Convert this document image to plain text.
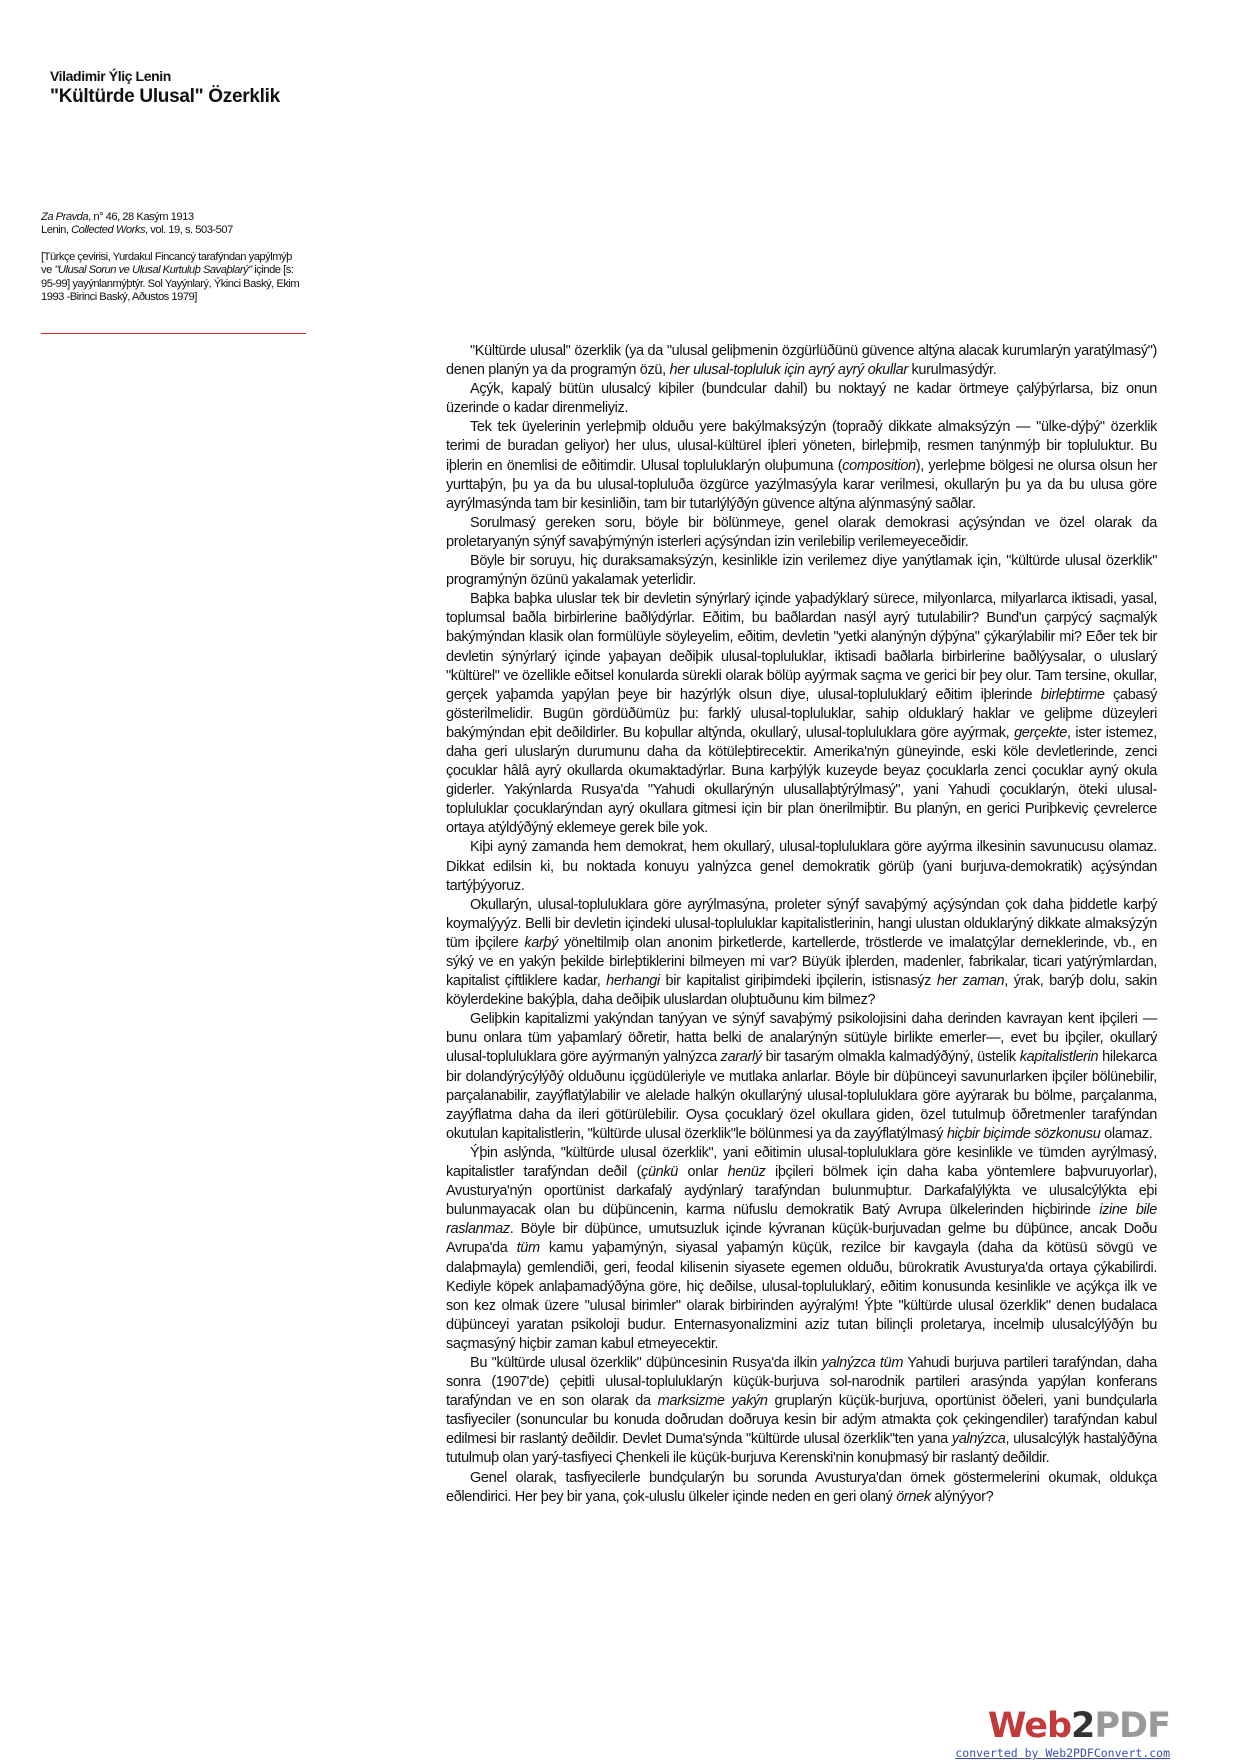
Viladimir Ýliç Lenin
"Kültürde Ulusal" Özerklik

Za Pravda, n° 46, 28 Kasým 1913

Lenin, Collected Works, vol. 19, s. 503-507

[Türkçe çevirisi, Yurdakul Fincancý tarafýndan yapýlmýþ ve "Ulusal Sorun ve Ulusal Kurtuluþ Savaþlarý" içinde [s: 95-99] yayýnlanmýþtýr. Sol Yayýnlarý, Ýkinci Baský, Ekim 1993 -Birinci Baský, Aðustos 1979]

"Kültürde ulusal" özerklik (ya da "ulusal geliþmenin özgürlüðünü güvence altýna alacak kurumlarýn yaratýlmasý") denen planýn ya da programýn özü, her ulusal-topluluk için ayrý ayrý okullar kurulmasýdýr.

Açýk, kapalý bütün ulusalcý kiþiler (bundcular dahil) bu noktayý ne kadar örtmeye çalýþýrlarsa, biz onun üzerinde o kadar direnmeliyiz.

Tek tek üyelerinin yerleþmiþ olduðu yere bakýlmaksýzýn (topraðý dikkate almaksýzýn — "ülke-dýþý" özerklik terimi de buradan geliyor) her ulus, ulusal-kültürel iþleri yöneten, birleþmiþ, resmen tanýnmýþ bir topluluktur. Bu iþlerin en önemlisi de eðitimdir. Ulusal topluluklarýn oluþumuna (composition), yerleþme bölgesi ne olursa olsun her yurttaþýn, þu ya da bu ulusal-topluluða özgürce yazýlmasýyla karar verilmesi, okullarýn þu ya da bu ulusa göre ayrýlmasýnda tam bir kesinliðin, tam bir tutarlýlýðýn güvence altýna alýnmasýný saðlar.

Sorulmasý gereken soru, böyle bir bölünmeye, genel olarak demokrasi açýsýndan ve özel olarak da proletaryanýn sýnýf savaþýmýnýn isterleri açýsýndan izin verilebilip verilemeyeceðidir.

Böyle bir soruyu, hiç duraksamaksýzýn, kesinlikle izin verilemez diye yanýtlamak için, "kültürde ulusal özerklik" programýnýn özünü yakalamak yeterlidir.

Baþka baþka uluslar tek bir devletin sýnýrlarý içinde yaþadýklarý sürece, milyonlarca, milyarlarca iktisadi, yasal, toplumsal baðla birbirlerine baðlýdýrlar. Eðitim, bu baðlardan nasýl ayrý tutulabilir? Bund'un çarpýcý saçmalýk bakýmýndan klasik olan formülüyle söyleyelim, eðitim, devletin "yetki alanýnýn dýþýna" çýkarýlabilir mi? Eðer tek bir devletin sýnýrlarý içinde yaþayan deðiþik ulusal-topluluklar, iktisadi baðlarla birbirlerine baðlýysalar, o uluslarý "kültürel" ve özellikle eðitsel konularda sürekli olarak bölüp ayýrmak saçma ve gerici bir þey olur. Tam tersine, okullar, gerçek yaþamda yapýlan þeye bir hazýrlýk olsun diye, ulusal-topluluklarý eðitim iþlerinde birleþtirme çabasý gösterilmelidir. Bugün gördüðümüz þu: farklý ulusal-topluluklar, sahip olduklarý haklar ve geliþme düzeyleri bakýmýndan eþit deðildirler. Bu koþullar altýnda, okullarý, ulusal-topluluklara göre ayýrmak, gerçekte, ister istemez, daha geri uluslarýn durumunu daha da kötüleþtirecektir. Amerika'nýn güneyinde, eski köle devletlerinde, zenci çocuklar hâlâ ayrý okullarda okumaktadýrlar. Buna karþýlýk kuzeyde beyaz çocuklarla zenci çocuklar ayný okula giderler. Yakýnlarda Rusya'da "Yahudi okullarýnýn ulusallaþtýrýlmasý", yani Yahudi çocuklarýn, öteki ulusal-topluluklar çocuklarýndan ayrý okullara gitmesi için bir plan önerilmiþtir. Bu planýn, en gerici Puriþkeviç çevrelerce ortaya atýldýðýný eklemeye gerek bile yok.

Kiþi ayný zamanda hem demokrat, hem okullarý, ulusal-topluluklara göre ayýrma ilkesinin savunucusu olamaz. Dikkat edilsin ki, bu noktada konuyu yalnýzca genel demokratik görüþ (yani burjuva-demokratik) açýsýndan tartýþýyoruz.

Okullarýn, ulusal-topluluklara göre ayrýlmasýna, proleter sýnýf savaþýmý açýsýndan çok daha þiddetle karþý koymalýyýz. Belli bir devletin içindeki ulusal-topluluklar kapitalistlerinin, hangi ulustan olduklarýný dikkate almaksýzýn tüm iþçilere karþý yöneltilmiþ olan anonim þirketlerde, kartellerde, tröstlerde ve imalatçýlar derneklerinde, vb., en sýký ve en yakýn þekilde birleþtiklerini bilmeyen mi var? Büyük iþlerden, madenler, fabrikalar, ticari yatýrýmlardan, kapitalist çiftliklere kadar, herhangi bir kapitalist giriþimdeki iþçilerin, istisnasýz her zaman, ýrak, barýþ dolu, sakin köylerdekine bakýþla, daha deðiþik uluslardan oluþtuðunu kim bilmez?

Geliþkin kapitalizmi yakýndan tanýyan ve sýnýf savaþýmý psikolojisini daha derinden kavrayan kent iþçileri —bunu onlara tüm yaþamlarý öðretir, hatta belki de analarýnýn sütüyle birlikte emerler—, evet bu iþçiler, okullarý ulusal-topluluklara göre ayýrmanýn yalnýzca zararlý bir tasarým olmakla kalmadýðýný, üstelik kapitalistlerin hilekarca bir dolandýrýcýlýðý olduðunu içgüdüleriyle ve mutlaka anlarlar. Böyle bir düþünceyi savunurlarken iþçiler bölünebilir, parçalanabilir, zayýflatýlabilir ve alelade halkýn okullarýný ulusal-topluluklara göre ayýrarak bu bölme, parçalanma, zayýflatma daha da ileri götürülebilir. Oysa çocuklarý özel okullara giden, özel tutulmuþ öðretmenler tarafýndan okutulan kapitalistlerin, "kültürde ulusal özerklik"le bölünmesi ya da zayýflatýlmasý hiçbir biçimde sözkonusu olamaz.

Ýþin aslýnda, "kültürde ulusal özerklik", yani eðitimin ulusal-topluluklara göre kesinlikle ve tümden ayrýlmasý, kapitalistler tarafýndan deðil (çünkü onlar henüz iþçileri bölmek için daha kaba yöntemlere baþvuruyorlar), Avusturya'nýn oportünist darkafalý aydýnlarý tarafýndan bulunmuþtur. Darkafalýlýkta ve ulusalcýlýkta eþi bulunmayacak olan bu düþüncenin, karma nüfuslu demokratik Batý Avrupa ülkelerinden hiçbirinde izine bile raslanmaz. Böyle bir düþünce, umutsuzluk içinde kývranan küçük-burjuvadan gelme bu düþünce, ancak Doðu Avrupa'da tüm kamu yaþamýnýn, siyasal yaþamýn küçük, rezilce bir kavgayla (daha da kötüsü sövgü ve dalaþmayla) gemlendiði, geri, feodal kilisenin siyasete egemen olduðu, bürokratik Avusturya'da ortaya çýkabilirdi. Kediyle köpek anlaþamadýðýna göre, hiç deðilse, ulusal-topluluklarý, eðitim konusunda kesinlikle ve açýkça ilk ve son kez olmak üzere "ulusal birimler" olarak birbirinden ayýralým! Ýþte "kültürde ulusal özerklik" denen budalaca düþünceyi yaratan psikoloji budur. Enternasyonalizmini aziz tutan bilinçli proletarya, incelmiþ ulusalcýlýðýn bu saçmasýný hiçbir zaman kabul etmeyecektir.

Bu "kültürde ulusal özerklik" düþüncesinin Rusya'da ilkin yalnýzca tüm Yahudi burjuva partileri tarafýndan, daha sonra (1907'de) çeþitli ulusal-topluluklarýn küçük-burjuva sol-narodnik partileri arasýnda yapýlan konferans tarafýndan ve en son olarak da marksizme yakýn gruplarýn küçük-burjuva, oportünist öðeleri, yani bundçularla tasfiyeciler (sonuncular bu konuda doðrudan doðruya kesin bir adým atmakta çok çekingendiler) tarafýndan kabul edilmesi bir raslantý deðildir. Devlet Duma'sýnda "kültürde ulusal özerklik"ten yana yalnýzca, ulusalcýlýk hastalýðýna tutulmuþ olan yarý-tasfiyeci Çhenkeli ile küçük-burjuva Kerenski'nin konuþmasý bir raslantý deðildir.

Genel olarak, tasfiyecilerle bundçularýn bu sorunda Avusturya'dan örnek göstermelerini okumak, oldukça eðlendirici. Her þey bir yana, çok-uluslu ülkeler içinde neden en geri olaný örnek alýnýyor?

Web2PDF
converted by Web2PDFConvert.com
